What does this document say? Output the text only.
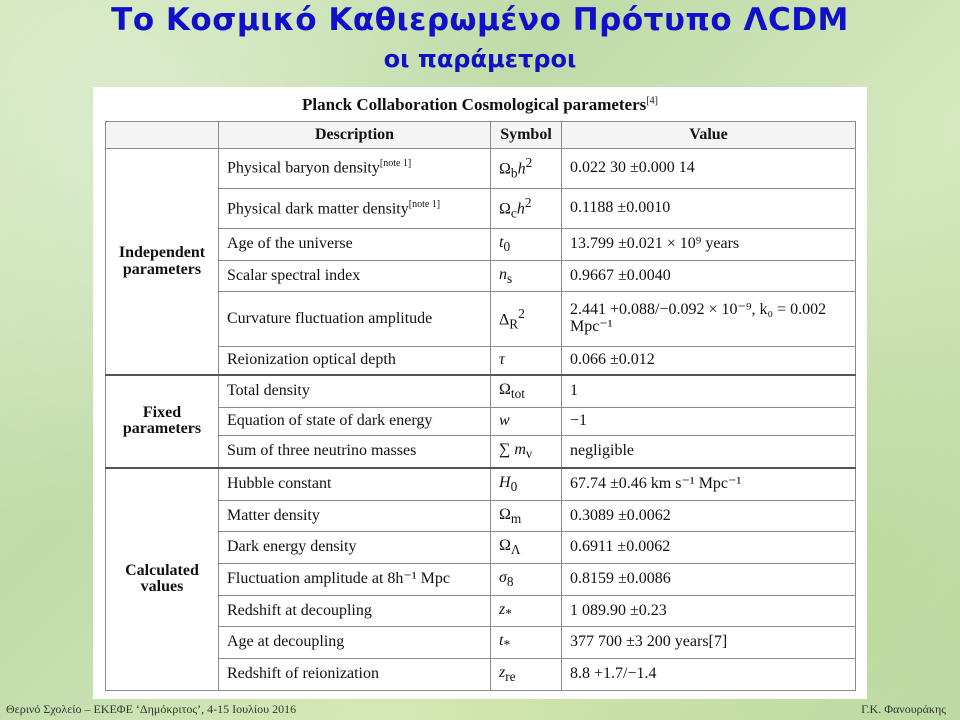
Το Κοσμικό Καθιερωμένο Πρότυπο ΛCDM
οι παράμετροι
Planck Collaboration Cosmological parameters[4]
	Description	Symbol	Value

Independent
parameters	Physical baryon density[note 1]	$\Omega_bh^2$	0.022 30 ±0.000 14
	Physical dark matter density[note 1]	$\Omega_ch^2$	0.1188 ±0.0010
	Age of the universe	$t_0$	13.799 ±0.021 × 10⁹ years
	Scalar spectral index	$n_s$	0.9667 ±0.0040
	Curvature fluctuation amplitude	$\Delta_R^2$	2.441 +0.088/−0.092 × 10⁻⁹, k₀ = 0.002 Mpc⁻¹
	Reionization optical depth	τ	0.066 ±0.012

Fixed
parameters	Total density	$\Omega_{tot}$	1
	Equation of state of dark energy	w	−1
	Sum of three neutrino masses	∑ $m_\nu$	negligible

Calculated
values	Hubble constant	$H_0$	67.74 ±0.46 km s⁻¹ Mpc⁻¹
	Matter density	$\Omega_m$	0.3089 ±0.0062
	Dark energy density	$\Omega_\Lambda$	0.6911 ±0.0062
	Fluctuation amplitude at 8h⁻¹ Mpc	$\sigma_8$	0.8159 ±0.0086
	Redshift at decoupling	$z_*$	1 089.90 ±0.23
	Age at decoupling	$t_*$	377 700 ±3 200 years[7]
	Redshift of reionization	$z_{re}$	8.8 +1.7/−1.4
Θερινό Σχολείο – ΕΚΕΦΕ ‘Δημόκριτος’, 4-15 Ιουλίου 2016	Γ.Κ. Φανουράκης
